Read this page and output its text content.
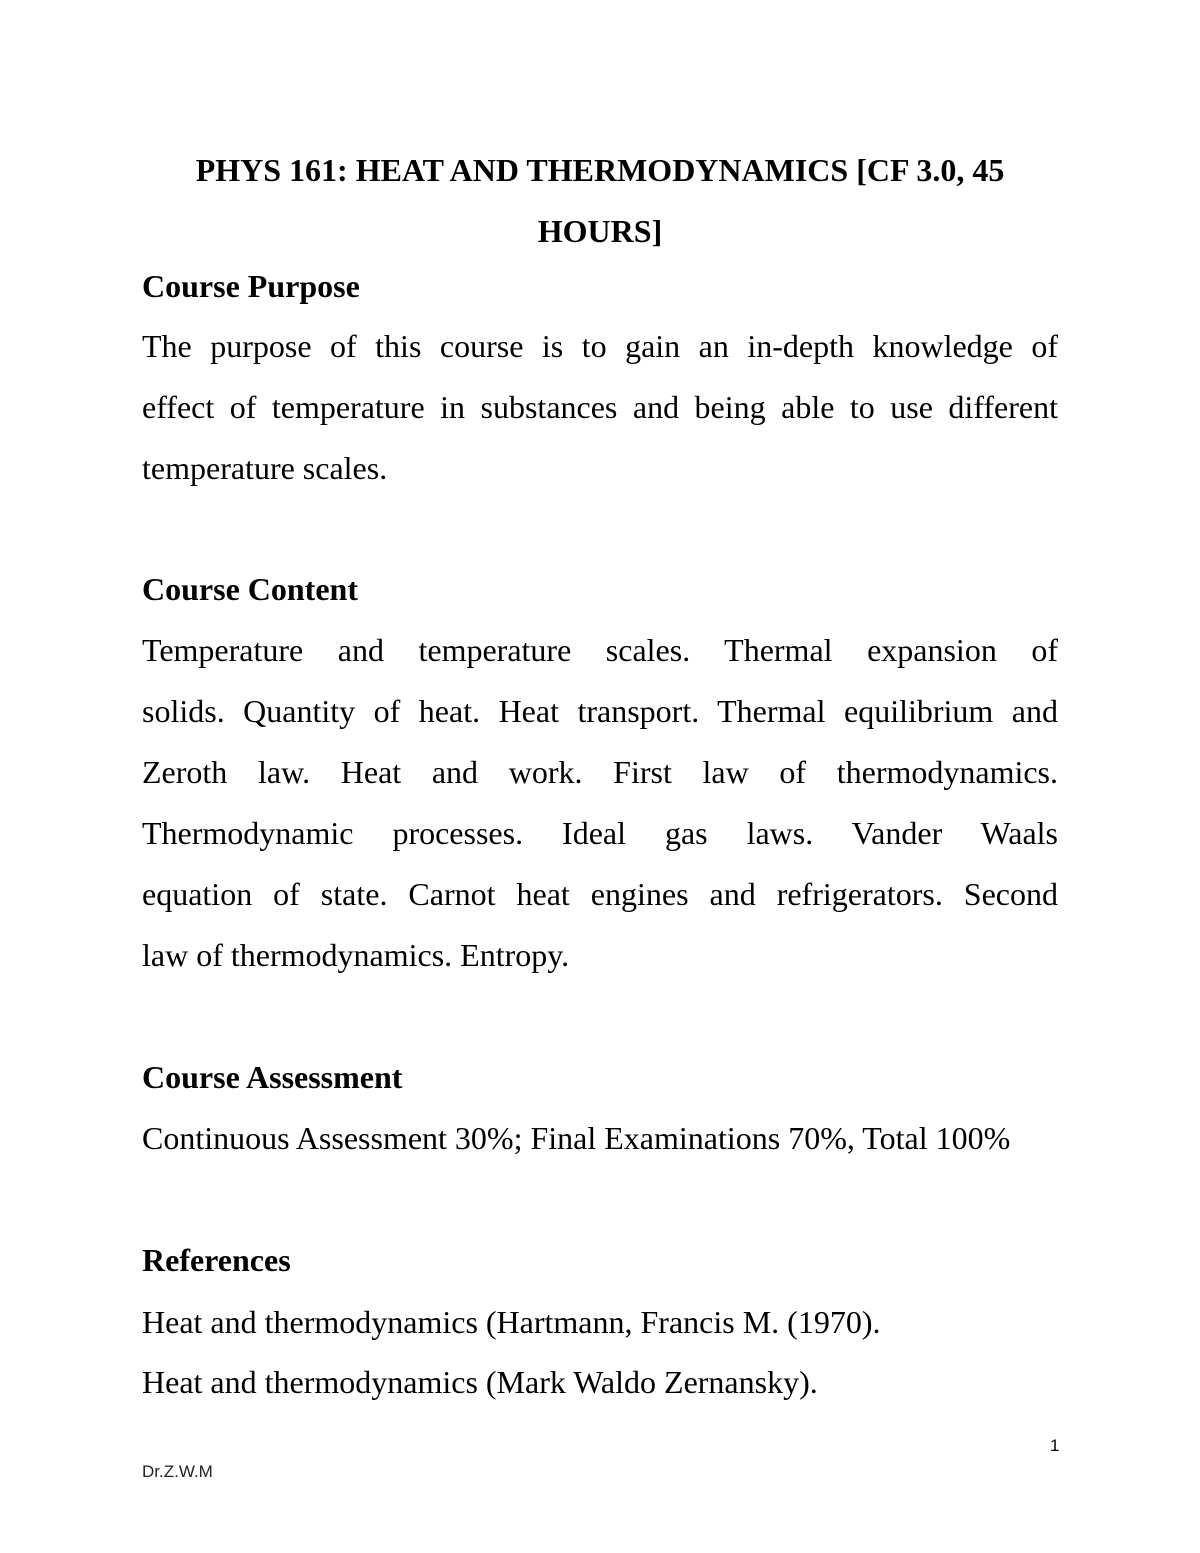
PHYS 161: HEAT AND THERMODYNAMICS [CF 3.0, 45 HOURS]
Course Purpose
The purpose of this course is to gain an in-depth knowledge of
effect of temperature in substances and being able to use different
temperature scales.
Course Content
Temperature and temperature scales. Thermal expansion of
solids. Quantity of heat. Heat transport. Thermal equilibrium and
Zeroth law. Heat and work. First law of thermodynamics.
Thermodynamic processes. Ideal gas laws. Vander Waals
equation of state. Carnot heat engines and refrigerators. Second
law of thermodynamics. Entropy.
Course Assessment
Continuous Assessment 30%; Final Examinations 70%, Total 100%
References
Heat and thermodynamics (Hartmann, Francis M. (1970).
Heat and thermodynamics (Mark Waldo Zernansky).
1
Dr.Z.W.M
